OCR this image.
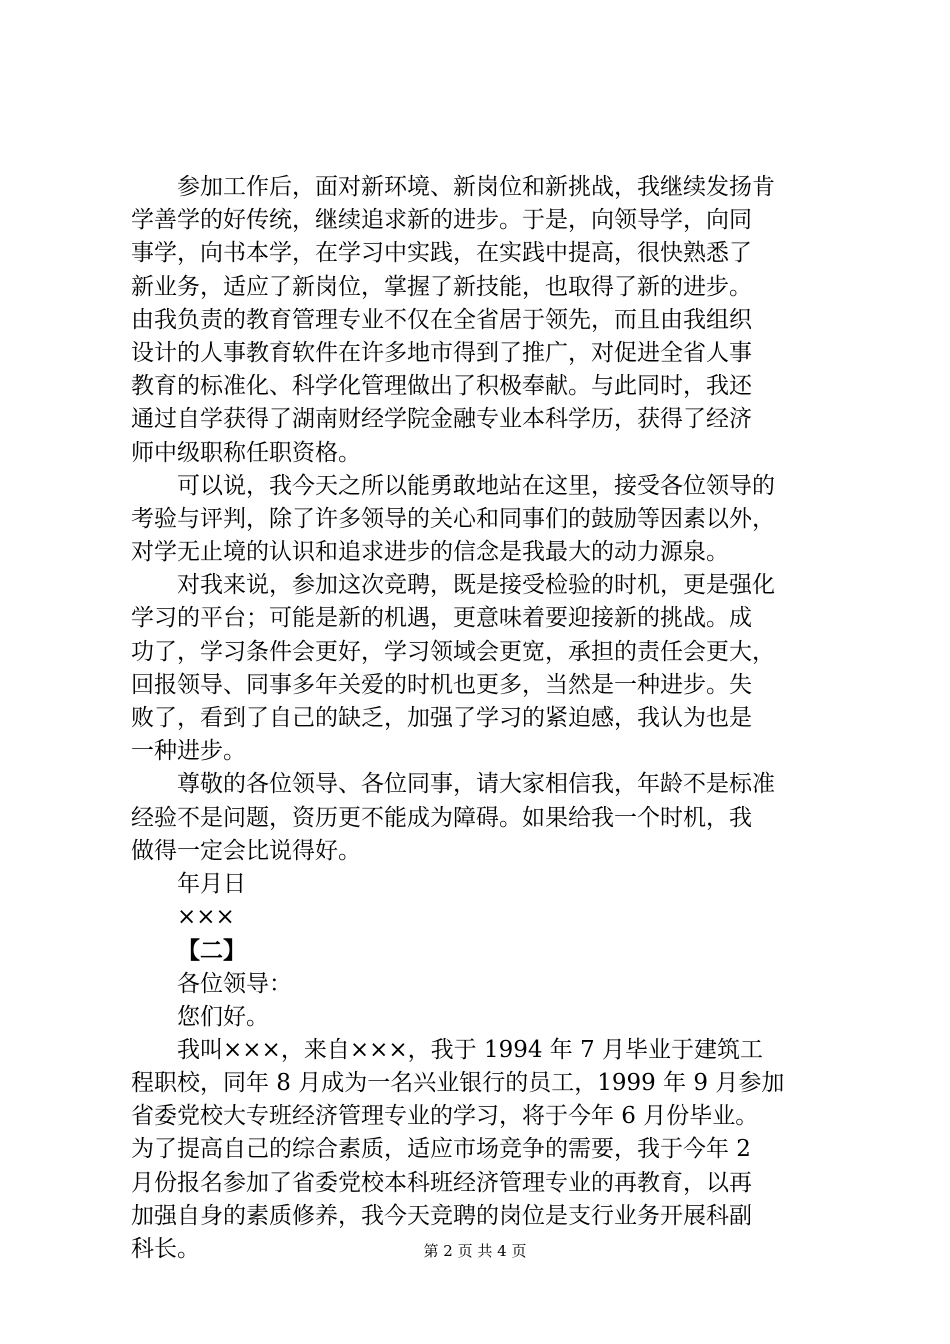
参加工作后，面对新环境、新岗位和新挑战，我继续发扬肯
学善学的好传统，继续追求新的进步。于是，向领导学，向同
事学，向书本学，在学习中实践，在实践中提高，很快熟悉了
新业务，适应了新岗位，掌握了新技能，也取得了新的进步。
由我负责的教育管理专业不仅在全省居于领先，而且由我组织
设计的人事教育软件在许多地市得到了推广，对促进全省人事
教育的标准化、科学化管理做出了积极奉献。与此同时，我还
通过自学获得了湖南财经学院金融专业本科学历，获得了经济
师中级职称任职资格。
可以说，我今天之所以能勇敢地站在这里，接受各位领导的
考验与评判，除了许多领导的关心和同事们的鼓励等因素以外，
对学无止境的认识和追求进步的信念是我最大的动力源泉。
对我来说，参加这次竞聘，既是接受检验的时机，更是强化
学习的平台；可能是新的机遇，更意味着要迎接新的挑战。成
功了，学习条件会更好，学习领域会更宽，承担的责任会更大，
回报领导、同事多年关爱的时机也更多，当然是一种进步。失
败了，看到了自己的缺乏，加强了学习的紧迫感，我认为也是
一种进步。
尊敬的各位领导、各位同事，请大家相信我，年龄不是标准
经验不是问题，资历更不能成为障碍。如果给我一个时机，我
做得一定会比说得好。
年月日
×××
【二】
各位领导：
您们好。
我叫×××，来自×××，我于 1994 年 7 月毕业于建筑工
程职校，同年 8 月成为一名兴业银行的员工，1999 年 9 月参加
省委党校大专班经济管理专业的学习，将于今年 6 月份毕业。
为了提高自己的综合素质，适应市场竞争的需要，我于今年 2
月份报名参加了省委党校本科班经济管理专业的再教育，以再
加强自身的素质修养，我今天竞聘的岗位是支行业务开展科副
科长。	第 2 页 共 4 页
